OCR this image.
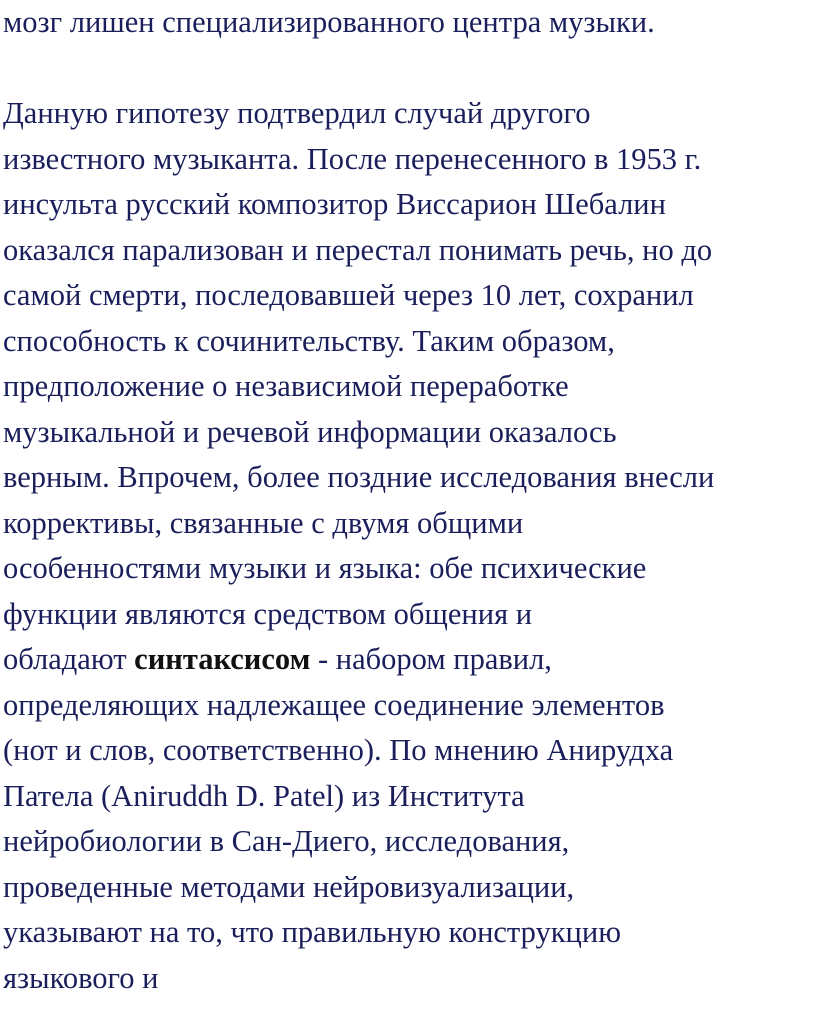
мозг лишен специализированного центра музыки.
Данную гипотезу подтвердил случай другого
известного музыканта. После перенесенного в 1953 г.
инсульта русский композитор Виссарион Шебалин
оказался парализован и перестал понимать речь, но до
самой смерти, последовавшей через 10 лет, сохранил
способность к сочинительству. Таким образом,
предположение о независимой переработке
музыкальной и речевой информации оказалось
верным. Впрочем, более поздние исследования внесли
коррективы, связанные с двумя общими
особенностями музыки и языка: обе психические
функции являются средством общения и
обладают синтаксисом - набором правил,
определяющих надлежащее соединение элементов
(нот и слов, соответственно). По мнению Анирудха
Патела (Aniruddh D. Patel) из Института
нейробиологии в Сан-Диего, исследования,
проведенные методами нейровизуализации,
указывают на то, что правильную конструкцию
языкового и
